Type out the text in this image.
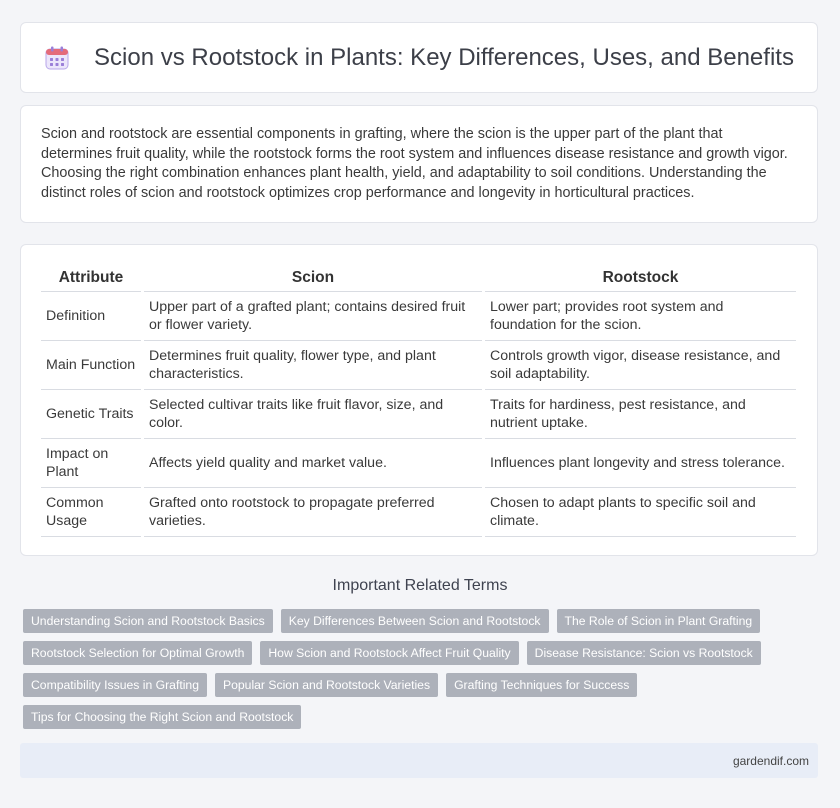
Scion vs Rootstock in Plants: Key Differences, Uses, and Benefits

Scion and rootstock are essential components in grafting, where the scion is the upper part of the plant that determines fruit quality, while the rootstock forms the root system and influences disease resistance and growth vigor. Choosing the right combination enhances plant health, yield, and adaptability to soil conditions. Understanding the distinct roles of scion and rootstock optimizes crop performance and longevity in horticultural practices.

Attribute	Scion	Rootstock
Definition	Upper part of a grafted plant; contains desired fruit or flower variety.	Lower part; provides root system and foundation for the scion.
Main Function	Determines fruit quality, flower type, and plant characteristics.	Controls growth vigor, disease resistance, and soil adaptability.
Genetic Traits	Selected cultivar traits like fruit flavor, size, and color.	Traits for hardiness, pest resistance, and nutrient uptake.
Impact on Plant	Affects yield quality and market value.	Influences plant longevity and stress tolerance.
Common Usage	Grafted onto rootstock to propagate preferred varieties.	Chosen to adapt plants to specific soil and climate.
Important Related Terms
Understanding Scion and Rootstock Basics	Key Differences Between Scion and Rootstock	The Role of Scion in Plant Grafting
Rootstock Selection for Optimal Growth	How Scion and Rootstock Affect Fruit Quality	Disease Resistance: Scion vs Rootstock
Compatibility Issues in Grafting	Popular Scion and Rootstock Varieties	Grafting Techniques for Success
Tips for Choosing the Right Scion and Rootstock
gardendif.com
